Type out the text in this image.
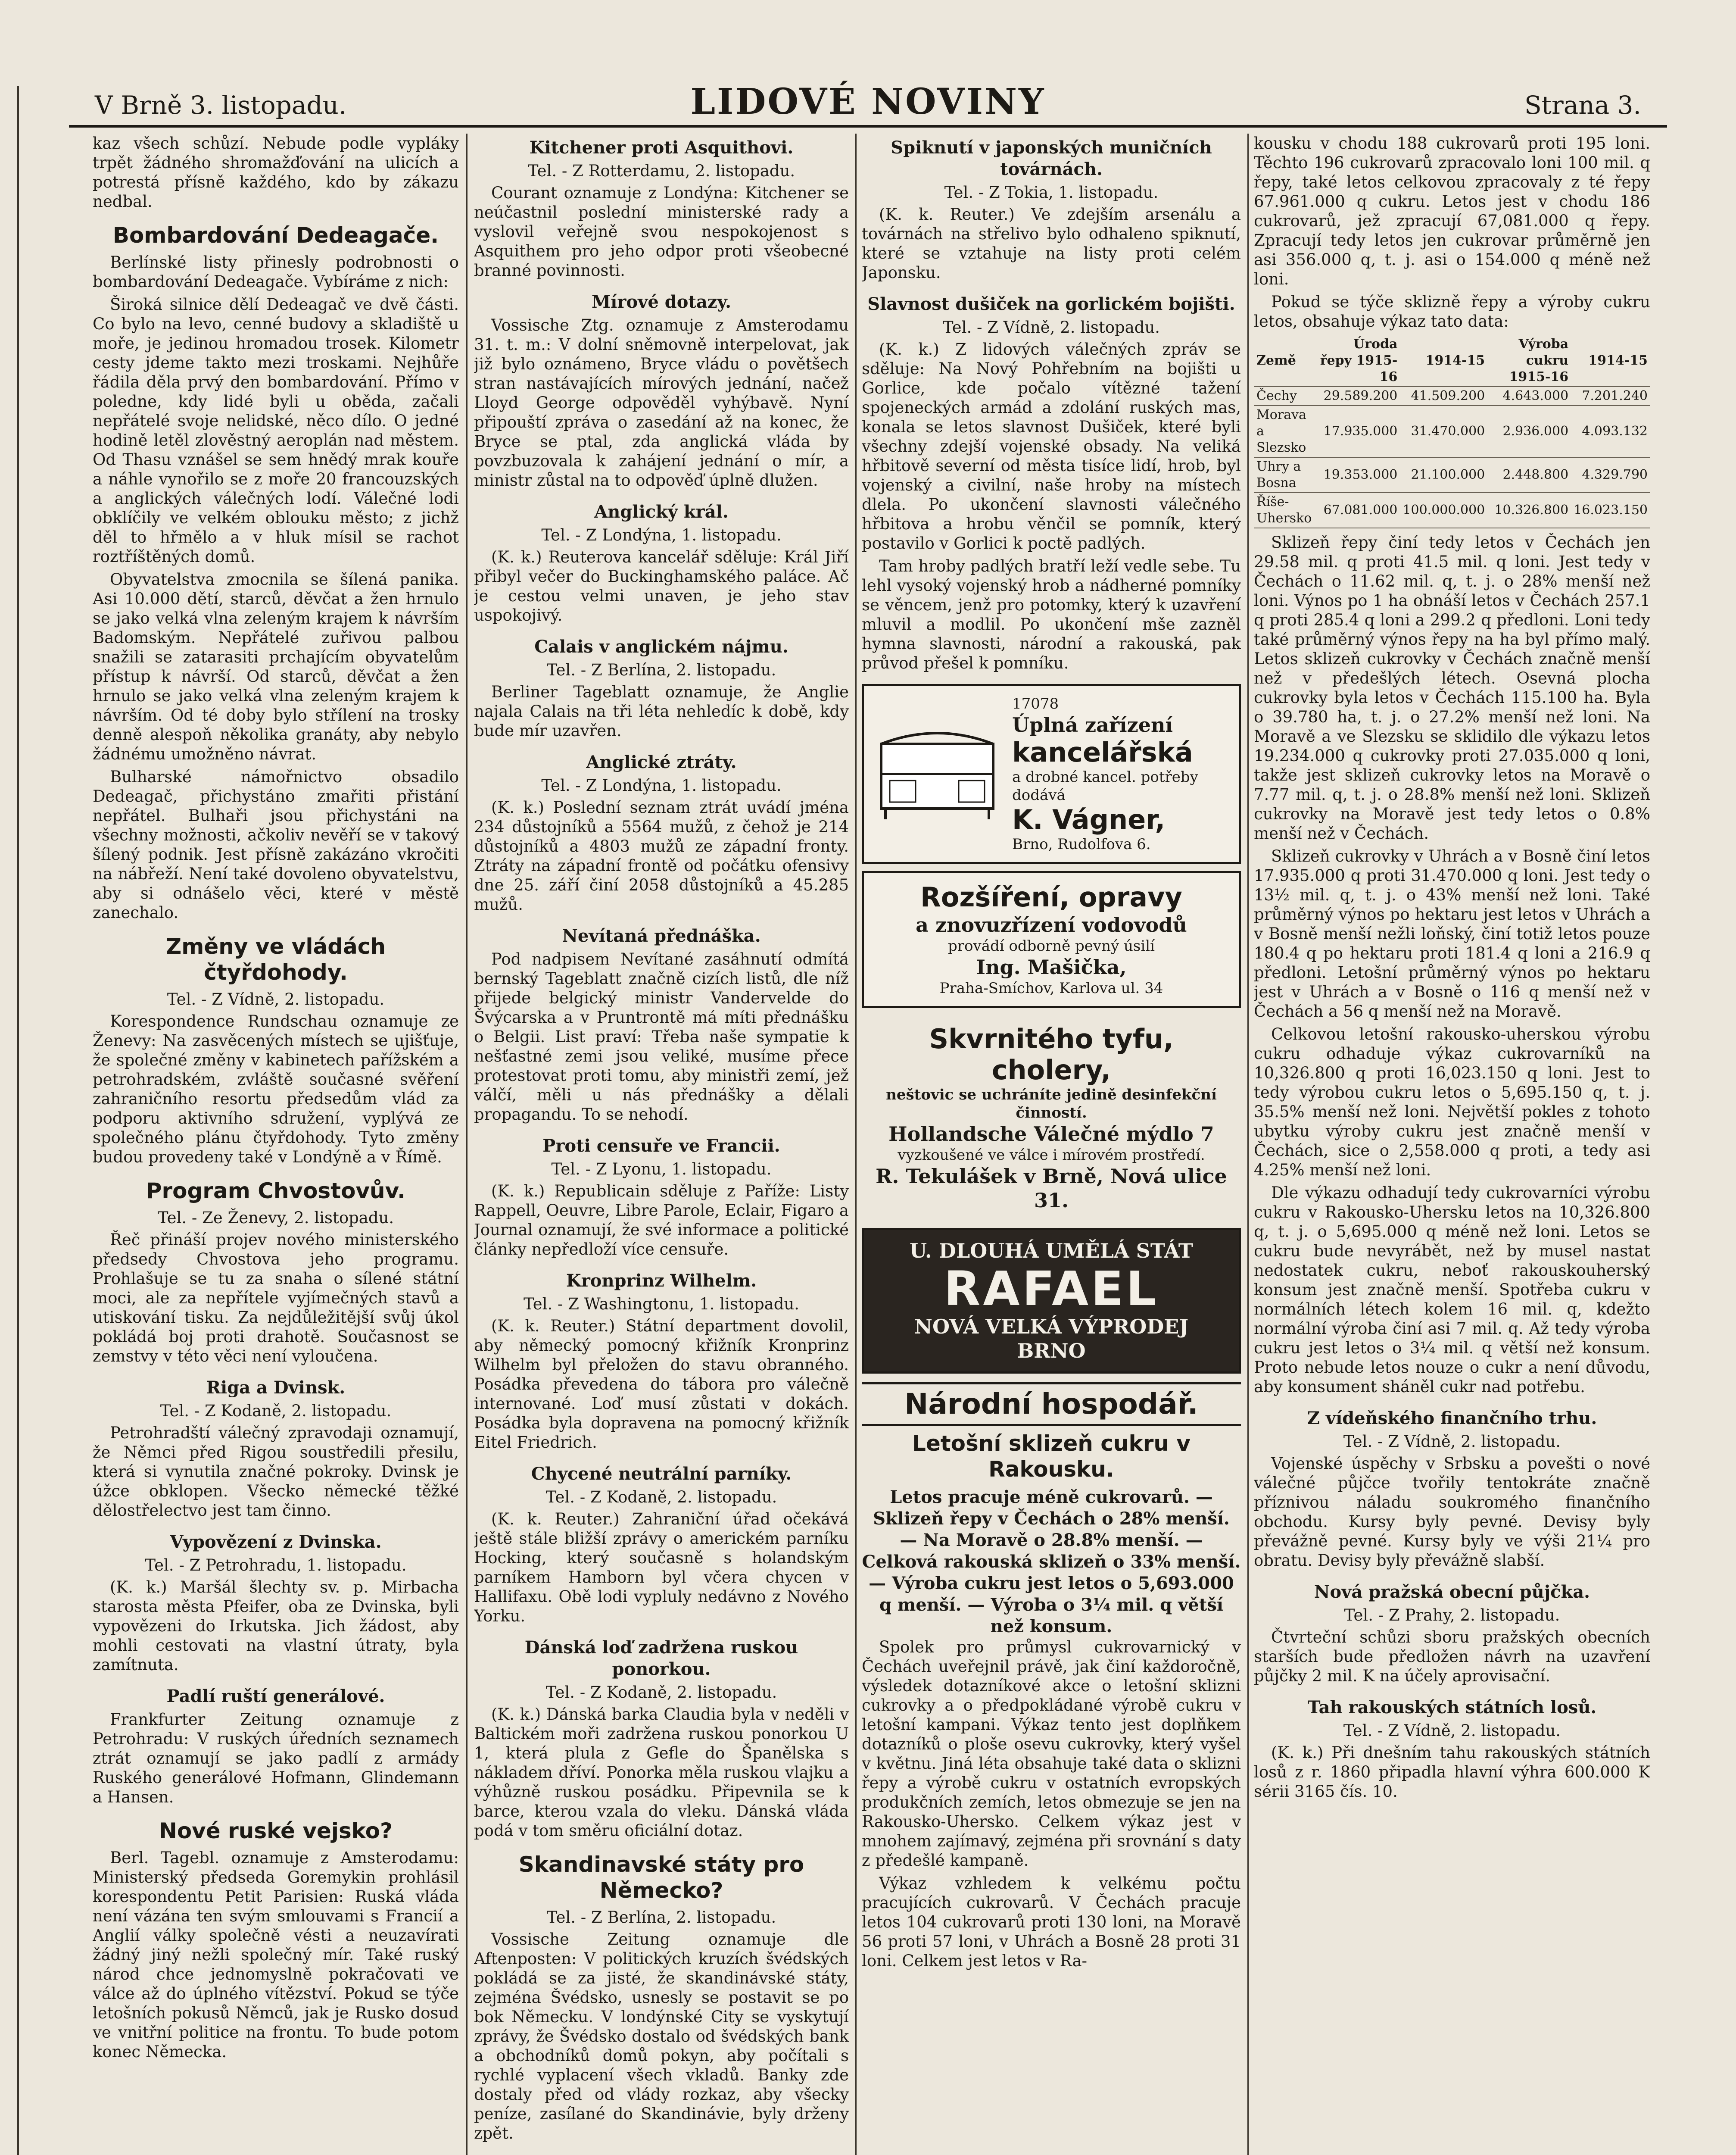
V Brně 3. listopadu.	LIDOVÉ NOVINY	Strana 3.

kaz všech schůzí. Nebude podle vypláky trpět žádného shromažďování na ulicích a potrestá přísně každého, kdo by zákazu nedbal.

Bombardování Dedeagače.

Berlínské listy přinesly podrobnosti o bombardování Dedeagače. Vybíráme z nich:

Široká silnice dělí Dedeagač ve dvě části. Co bylo na levo, cenné budovy a skladiště u moře, je jedinou hromadou trosek. Kilometr cesty jdeme takto mezi troskami. Nejhůře řádila děla prvý den bombardování. Přímo v poledne, kdy lidé byli u oběda, začali nepřátelé svoje nelidské, něco dílo. O jedné hodině letěl zlověstný aeroplán nad městem. Od Thasu vznášel se sem hnědý mrak kouře a náhle vynořilo se z moře 20 francouzských a anglických válečných lodí. Válečné lodi obklíčily ve velkém oblouku město; z jichž děl to hřmělo a v hluk mísil se rachot roztříštěných domů.

Obyvatelstva zmocnila se šílená panika. Asi 10.000 dětí, starců, děvčat a žen hrnulo se jako velká vlna zeleným krajem k návrším Badomským. Nepřátelé zuřivou palbou snažili se zatarasiti prchajícím obyvatelům přístup k návrší. Od starců, děvčat a žen hrnulo se jako velká vlna zeleným krajem k návrším. Od té doby bylo střílení na trosky denně alespoň několika granáty, aby nebylo žádnému umožněno návrat.

Bulharské námořnictvo obsadilo Dedeagač, přichystáno zmařiti přistání nepřátel. Bulhaři jsou přichystáni na všechny možnosti, ačkoliv nevěří se v takový šílený podnik. Jest přísně zakázáno vkročiti na nábřeží. Není také dovoleno obyvatelstvu, aby si odnášelo věci, které v městě zanechalo.

Změny ve vládách čtyřdohody.
Tel. - Z Vídně, 2. listopadu.

Korespondence Rundschau oznamuje ze Ženevy: Na zasvěcených místech se ujišťuje, že společné změny v kabinetech pařížském a petrohradském, zvláště současné svěření zahraničního resortu předsedům vlád za podporu aktivního sdružení, vyplývá ze společného plánu čtyřdohody. Tyto změny budou provedeny také v Londýně a v Římě.

Program Chvostovův.
Tel. - Ze Ženevy, 2. listopadu.

Řeč přináší projev nového ministerského předsedy Chvostova jeho programu. Prohlašuje se tu za snaha o sílené státní moci, ale za nepřítele vyjímečných stavů a utiskování tisku. Za nejdůležitější svůj úkol pokládá boj proti drahotě. Současnost se zemstvy v této věci není vyloučena.

Riga a Dvinsk.
Tel. - Z Kodaně, 2. listopadu.

Petrohradští válečný zpravodaji oznamují, že Němci před Rigou soustředili přesilu, která si vynutila značné pokroky. Dvinsk je úžce obklopen. Všecko německé těžké dělostřelectvo jest tam činno.

Vypovězení z Dvinska.
Tel. - Z Petrohradu, 1. listopadu.

(K. k.) Maršál šlechty sv. p. Mirbacha starosta města Pfeifer, oba ze Dvinska, byli vypovězeni do Irkutska. Jich žádost, aby mohli cestovati na vlastní útraty, byla zamítnuta.

Padlí ruští generálové.

Frankfurter Zeitung oznamuje z Petrohradu: V ruských úředních seznamech ztrát oznamují se jako padlí z armády Ruského generálové Hofmann, Glindemann a Hansen.

Nové ruské vejsko?

Berl. Tagebl. oznamuje z Amsterodamu: Ministerský předseda Goremykin prohlásil korespondentu Petit Parisien: Ruská vláda není vázána ten svým smlouvami s Francií a Anglií války společně vésti a neuzavírati žádný jiný nežli společný mír. Také ruský národ chce jednomyslně pokračovati ve válce až do úplného vítězství. Pokud se týče letošních pokusů Němců, jak je Rusko dosud ve vnitřní politice na frontu. To bude potom konec Německa.

Kitchener proti Asquithovi.
Tel. - Z Rotterdamu, 2. listopadu.

Courant oznamuje z Londýna: Kitchener se neúčastnil poslední ministerské rady a vyslovil veřejně svou nespokojenost s Asquithem pro jeho odpor proti všeobecné branné povinnosti.

Mírové dotazy.

Vossische Ztg. oznamuje z Amsterodamu 31. t. m.: V dolní sněmovně interpelovat, jak již bylo oznámeno, Bryce vládu o povětšech stran nastávajících mírových jednání, načež Lloyd George odpověděl vyhýbavě. Nyní připouští zpráva o zasedání až na konec, že Bryce se ptal, zda anglická vláda by povzbuzovala k zahájení jednání o mír, a ministr zůstal na to odpověď úplně dlužen.

Anglický král.
Tel. - Z Londýna, 1. listopadu.

(K. k.) Reuterova kancelář sděluje: Král Jiří přibyl večer do Buckinghamského paláce. Ač je cestou velmi unaven, je jeho stav uspokojivý.

Calais v anglickém nájmu.
Tel. - Z Berlína, 2. listopadu.

Berliner Tageblatt oznamuje, že Anglie najala Calais na tři léta nehledíc k době, kdy bude mír uzavřen.

Anglické ztráty.
Tel. - Z Londýna, 1. listopadu.

(K. k.) Poslední seznam ztrát uvádí jména 234 důstojníků a 5564 mužů, z čehož je 214 důstojníků a 4803 mužů ze západní fronty. Ztráty na západní frontě od počátku ofensivy dne 25. září činí 2058 důstojníků a 45.285 mužů.

Nevítaná přednáška.

Pod nadpisem Nevítané zasáhnutí odmítá bernský Tageblatt značně cizích listů, dle níž přijede belgický ministr Vandervelde do Švýcarska a v Pruntrontě má míti přednášku o Belgii. List praví: Třeba naše sympatie k nešťastné zemi jsou veliké, musíme přece protestovat proti tomu, aby ministři zemí, jež válčí, měli u nás přednášky a dělali propagandu. To se nehodí.

Proti censuře ve Francii.
Tel. - Z Lyonu, 1. listopadu.

(K. k.) Republicain sděluje z Paříže: Listy Rappell, Oeuvre, Libre Parole, Eclair, Figaro a Journal oznamují, že své informace a politické články nepředloží více censuře.

Kronprinz Wilhelm.
Tel. - Z Washingtonu, 1. listopadu.

(K. k. Reuter.) Státní department dovolil, aby německý pomocný křižník Kronprinz Wilhelm byl přeložen do stavu obranného. Posádka převedena do tábora pro válečně internované. Loď musí zůstati v dokách. Posádka byla dopravena na pomocný křižník Eitel Friedrich.

Chycené neutrální parníky.
Tel. - Z Kodaně, 2. listopadu.

(K. k. Reuter.) Zahraniční úřad očekává ještě stále bližší zprávy o americkém parníku Hocking, který současně s holandským parníkem Hamborn byl včera chycen v Hallifaxu. Obě lodi vypluly nedávno z Nového Yorku.

Dánská loď zadržena ruskou ponorkou.
Tel. - Z Kodaně, 2. listopadu.

(K. k.) Dánská barka Claudia byla v neděli v Baltickém moři zadržena ruskou ponorkou U 1, která plula z Gefle do Španělska s nákladem dříví. Ponorka měla ruskou vlajku a výhůzně ruskou posádku. Připevnila se k barce, kterou vzala do vleku. Dánská vláda podá v tom směru oficiální dotaz.

Skandinavské státy pro Německo?
Tel. - Z Berlína, 2. listopadu.

Vossische Zeitung oznamuje dle Aftenposten: V politických kruzích švédských pokládá se za jisté, že skandinávské státy, zejména Švédsko, usnesly se postavit se po bok Německu. V londýnské City se vyskytují zprávy, že Švédsko dostalo od švédských bank a obchodníků domů pokyn, aby počítali s rychlé vyplacení všech vkladů. Banky zde dostaly před od vlády rozkaz, aby všecky peníze, zasílané do Skandinávie, byly drženy zpět.

Spiknutí v japonských muničních továrnách.
Tel. - Z Tokia, 1. listopadu.

(K. k. Reuter.) Ve zdejším arsenálu a továrnách na střelivo bylo odhaleno spiknutí, které se vztahuje na listy proti celém Japonsku.

Slavnost dušiček na gorlickém bojišti.
Tel. - Z Vídně, 2. listopadu.

(K. k.) Z lidových válečných zpráv se sděluje: Na Nový Pohřebním na bojišti u Gorlice, kde počalo vítězné tažení spojeneckých armád a zdolání ruských mas, konala se letos slavnost Dušiček, které byli všechny zdejší vojenské obsady. Na veliká hřbitově severní od města tisíce lidí, hrob, byl vojenský a civilní, naše hroby na místech dlela. Po ukončení slavnosti válečného hřbitova a hrobu věnčil se pomník, který postavilo v Gorlici k poctě padlých.

Tam hroby padlých bratří leží vedle sebe. Tu lehl vysoký vojenský hrob a nádherné pomníky se věncem, jenž pro potomky, který k uzavření mluvil a modlil. Po ukončení mše zazněl hymna slavnosti, národní a rakouská, pak průvod přešel k pomníku.

17078
Úplná zařízení
kancelářská
a drobné kancel. potřeby dodává
K. Vágner,
Brno, Rudolfova 6.
Rozšíření, opravy
a znovuzřízení vodovodů
provádí odborně pevný úsilí
Ing. Mašička,
Praha-Smíchov, Karlova ul. 34
Skvrnitého tyfu, cholery,
neštovic se uchráníte jedině desinfekční činností.
Hollandsche Válečné mýdlo 7
vyzkoušené ve válce i mírovém prostředí.
R. Tekulášek v Brně, Nová ulice 31.
U. DLOUHÁ UMĚLÁ STÁT
RAFAEL
NOVÁ VELKÁ VÝPRODEJ
BRNO
Národní hospodář.
Letošní sklizeň cukru v Rakousku.
Letos pracuje méně cukrovarů. — Sklizeň řepy v Čechách o 28% menší. — Na Moravě o 28.8% menší. — Celková rakouská sklizeň o 33% menší. — Výroba cukru jest letos o 5,693.000 q menší. — Výroba o 3¼ mil. q větší než konsum.

Spolek pro průmysl cukrovarnický v Čechách uveřejnil právě, jak činí každoročně, výsledek dotazníkové akce o letošní sklizni cukrovky a o předpokládané výrobě cukru v letošní kampani. Výkaz tento jest doplňkem dotazníků o ploše osevu cukrovky, který vyšel v květnu. Jiná léta obsahuje také data o sklizni řepy a výrobě cukru v ostatních evropských produkčních zemích, letos obmezuje se jen na Rakousko-Uhersko. Celkem výkaz jest v mnohem zajímavý, zejména při srovnání s daty z předešlé kampaně.

Výkaz vzhledem k velkému počtu pracujících cukrovarů. V Čechách pracuje letos 104 cukrovarů proti 130 loni, na Moravě 56 proti 57 loni, v Uhrách a Bosně 28 proti 31 loni. Celkem jest letos v Ra-

kousku v chodu 188 cukrovarů proti 195 loni. Těchto 196 cukrovarů zpracovalo loni 100 mil. q řepy, také letos celkovou zpracovaly z té řepy 67.961.000 q cukru. Letos jest v chodu 186 cukrovarů, jež zpracují 67,081.000 q řepy. Zpracují tedy letos jen cukrovar průměrně jen asi 356.000 q, t. j. asi o 154.000 q méně než loni.

Pokud se týče sklizně řepy a výroby cukru letos, obsahuje výkaz tato data:

Země	Úroda řepy 1915-16	1914-15	Výroba cukru 1915-16	1914-15
Čechy	29.589.200	41.509.200	4.643.000	7.201.240
Morava a Slezsko	17.935.000	31.470.000	2.936.000	4.093.132
Uhry a Bosna	19.353.000	21.100.000	2.448.800	4.329.790
Říše-Uhersko	67.081.000	100.000.000	10.326.800	16.023.150

Sklizeň řepy činí tedy letos v Čechách jen 29.58 mil. q proti 41.5 mil. q loni. Jest tedy v Čechách o 11.62 mil. q, t. j. o 28% menší než loni. Výnos po 1 ha obnáší letos v Čechách 257.1 q proti 285.4 q loni a 299.2 q předloni. Loni tedy také průměrný výnos řepy na ha byl přímo malý. Letos sklizeň cukrovky v Čechách značně menší než v předešlých létech. Osevná plocha cukrovky byla letos v Čechách 115.100 ha. Byla o 39.780 ha, t. j. o 27.2% menší než loni. Na Moravě a ve Slezsku se sklidilo dle výkazu letos 19.234.000 q cukrovky proti 27.035.000 q loni, takže jest sklizeň cukrovky letos na Moravě o 7.77 mil. q, t. j. o 28.8% menší než loni. Sklizeň cukrovky na Moravě jest tedy letos o 0.8% menší než v Čechách.

Sklizeň cukrovky v Uhrách a v Bosně činí letos 17.935.000 q proti 31.470.000 q loni. Jest tedy o 13½ mil. q, t. j. o 43% menší než loni. Také průměrný výnos po hektaru jest letos v Uhrách a v Bosně menší nežli loňský, činí totiž letos pouze 180.4 q po hektaru proti 181.4 q loni a 216.9 q předloni. Letošní průměrný výnos po hektaru jest v Uhrách a v Bosně o 116 q menší než v Čechách a 56 q menší než na Moravě.

Celkovou letošní rakousko-uherskou výrobu cukru odhaduje výkaz cukrovarníků na 10,326.800 q proti 16,023.150 q loni. Jest to tedy výrobou cukru letos o 5,695.150 q, t. j. 35.5% menší než loni. Největší pokles z tohoto ubytku výroby cukru jest značně menší v Čechách, sice o 2,558.000 q proti, a tedy asi 4.25% menší než loni.

Dle výkazu odhadují tedy cukrovarníci výrobu cukru v Rakousko-Uhersku letos na 10,326.800 q, t. j. o 5,695.000 q méně než loni. Letos se cukru bude nevyrábět, než by musel nastat nedostatek cukru, neboť rakouskouherský konsum jest značně menší. Spotřeba cukru v normálních létech kolem 16 mil. q, kdežto normální výroba činí asi 7 mil. q. Až tedy výroba cukru jest letos o 3¼ mil. q větší než konsum. Proto nebude letos nouze o cukr a není důvodu, aby konsument sháněl cukr nad potřebu.

Z vídeňského finančního trhu.
Tel. - Z Vídně, 2. listopadu.

Vojenské úspěchy v Srbsku a povešti o nové válečné půjčce tvořily tentokráte značně příznivou náladu soukromého finančního obchodu. Kursy byly pevné. Devisy byly převážně pevné. Kursy byly ve výši 21¼ pro obratu. Devisy byly převážně slabší.

Nová pražská obecní půjčka.
Tel. - Z Prahy, 2. listopadu.

Čtvrteční schůzi sboru pražských obecních starších bude předložen návrh na uzavření půjčky 2 mil. K na účely aprovisační.

Tah rakouských státních losů.
Tel. - Z Vídně, 2. listopadu.

(K. k.) Při dnešním tahu rakouských státních losů z r. 1860 připadla hlavní výhra 600.000 K sérii 3165 čís. 10.
